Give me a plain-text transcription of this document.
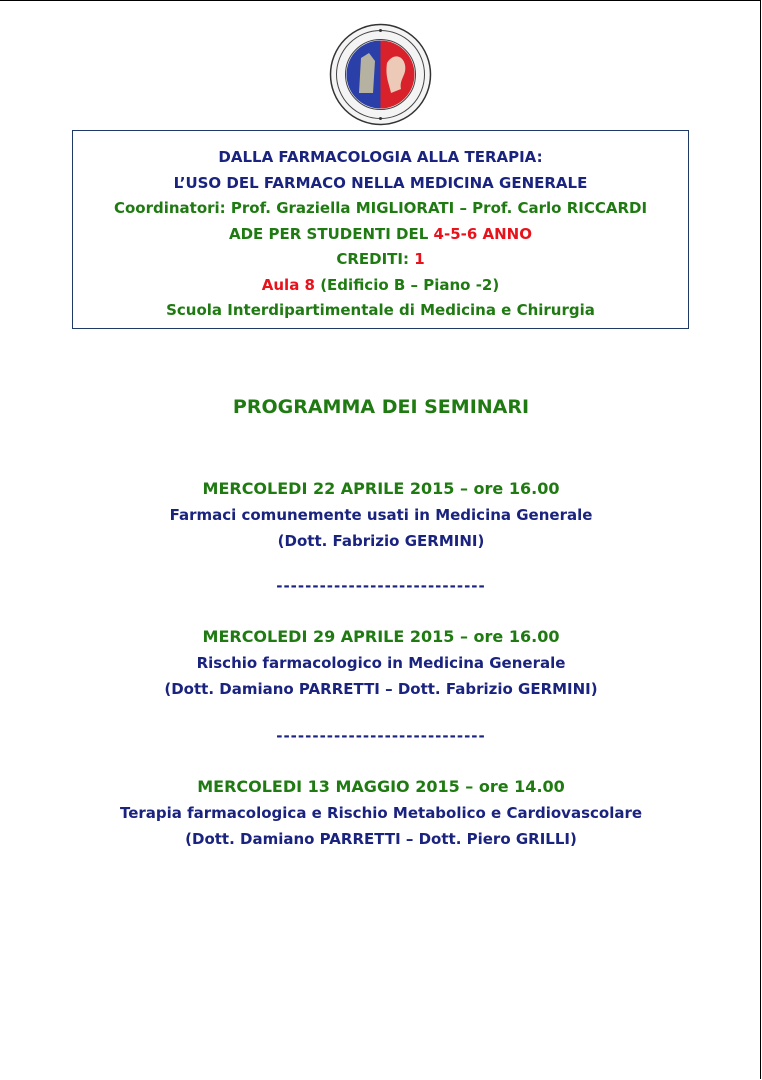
DALLA FARMACOLOGIA ALLA TERAPIA:
L’USO DEL FARMACO NELLA MEDICINA GENERALE
Coordinatori: Prof. Graziella MIGLIORATI – Prof. Carlo RICCARDI
ADE PER STUDENTI DEL 4-5-6 ANNO
CREDITI: 1
Aula 8 (Edificio B – Piano -2)
Scuola Interdipartimentale di Medicina e Chirurgia
PROGRAMMA DEI SEMINARI
MERCOLEDI 22 APRILE 2015 – ore 16.00
Farmaci comunemente usati in Medicina Generale
(Dott. Fabrizio GERMINI)
-----------------------------
MERCOLEDI 29 APRILE 2015 – ore 16.00
Rischio farmacologico in Medicina Generale
(Dott. Damiano PARRETTI – Dott. Fabrizio GERMINI)
-----------------------------
MERCOLEDI 13 MAGGIO 2015 – ore 14.00
Terapia farmacologica e Rischio Metabolico e Cardiovascolare
(Dott. Damiano PARRETTI – Dott. Piero GRILLI)
